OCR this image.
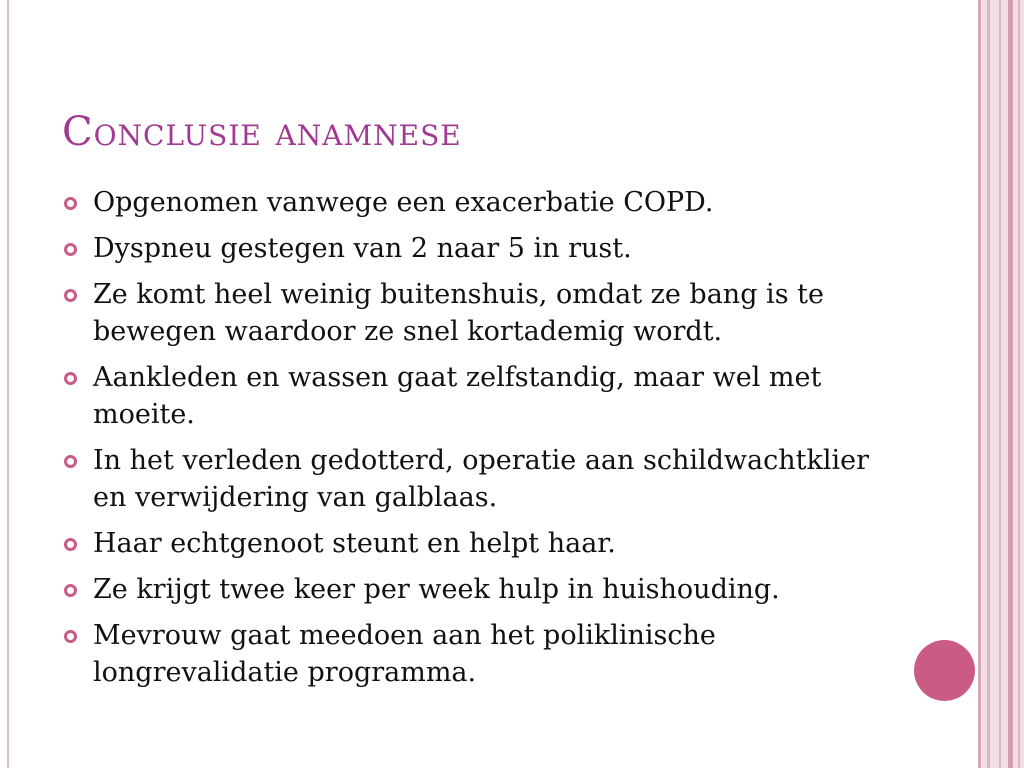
Conclusie anamnese
Opgenomen vanwege een exacerbatie COPD.
Dyspneu gestegen van 2 naar 5 in rust.
Ze komt heel weinig buitenshuis, omdat ze bang is te bewegen waardoor ze snel kortademig wordt.
Aankleden en wassen gaat zelfstandig, maar wel met moeite.
In het verleden gedotterd, operatie aan schildwachtklier en verwijdering van galblaas.
Haar echtgenoot steunt en helpt haar.
Ze krijgt twee keer per week hulp in huishouding.
Mevrouw gaat meedoen aan het poliklinische longrevalidatie programma.
